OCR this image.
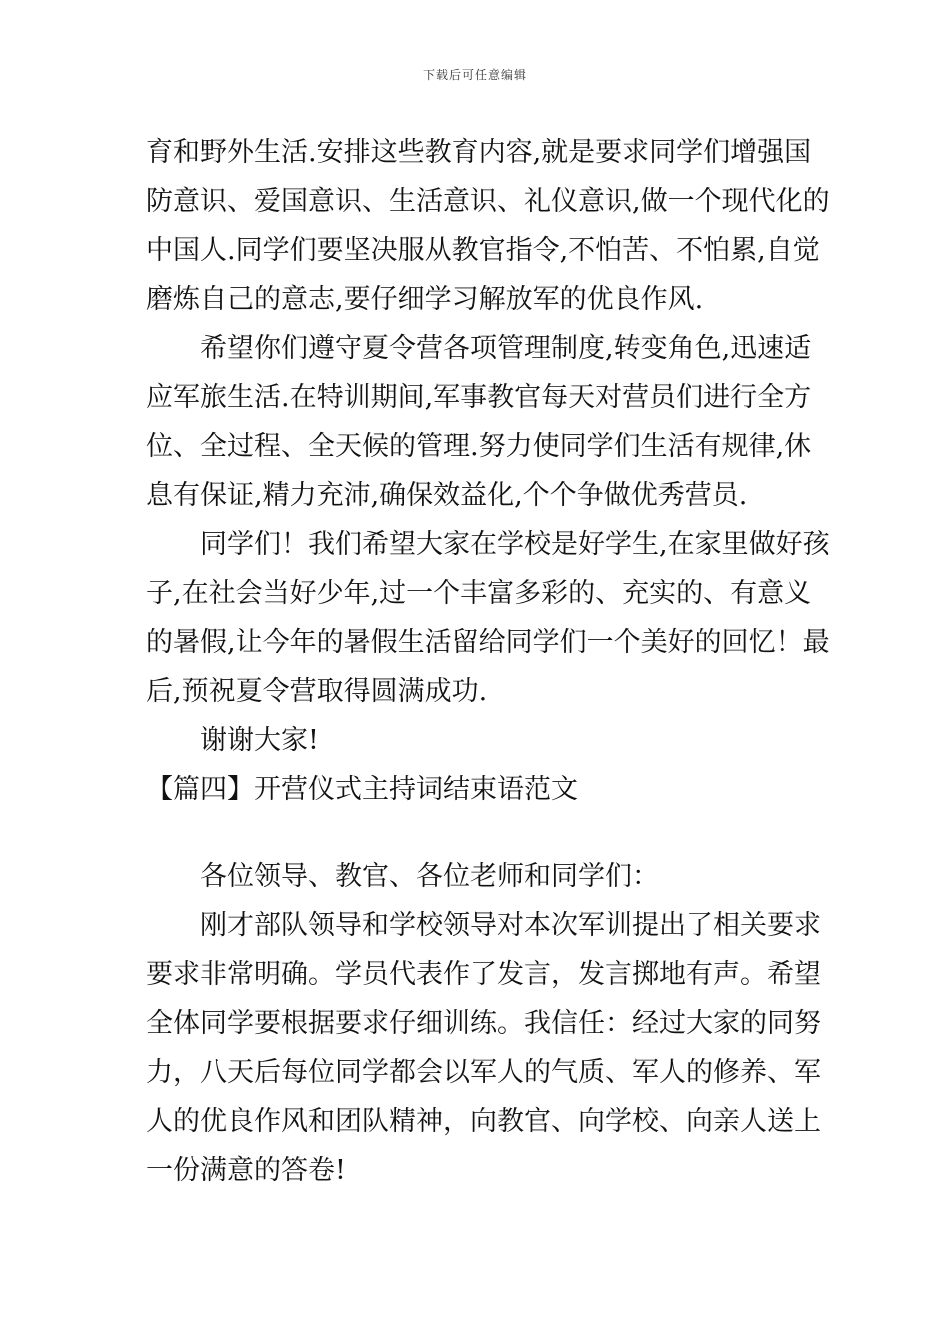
下载后可任意编辑
育和野外生活.安排这些教育内容,就是要求同学们增强国
防意识、爱国意识、生活意识、礼仪意识,做一个现代化的
中国人.同学们要坚决服从教官指令,不怕苦、不怕累,自觉
磨炼自己的意志,要仔细学习解放军的优良作风.
希望你们遵守夏令营各项管理制度,转变角色,迅速适
应军旅生活.在特训期间,军事教官每天对营员们进行全方
位、全过程、全天候的管理.努力使同学们生活有规律,休
息有保证,精力充沛,确保效益化,个个争做优秀营员.
同学们！我们希望大家在学校是好学生,在家里做好孩
子,在社会当好少年,过一个丰富多彩的、充实的、有意义
的暑假,让今年的暑假生活留给同学们一个美好的回忆！最
后,预祝夏令营取得圆满成功.
谢谢大家!
【篇四】开营仪式主持词结束语范文
各位领导、教官、各位老师和同学们：
刚才部队领导和学校领导对本次军训提出了相关要求
要求非常明确。学员代表作了发言，发言掷地有声。希望
全体同学要根据要求仔细训练。我信任：经过大家的同努
力，八天后每位同学都会以军人的气质、军人的修养、军
人的优良作风和团队精神，向教官、向学校、向亲人送上
一份满意的答卷!
